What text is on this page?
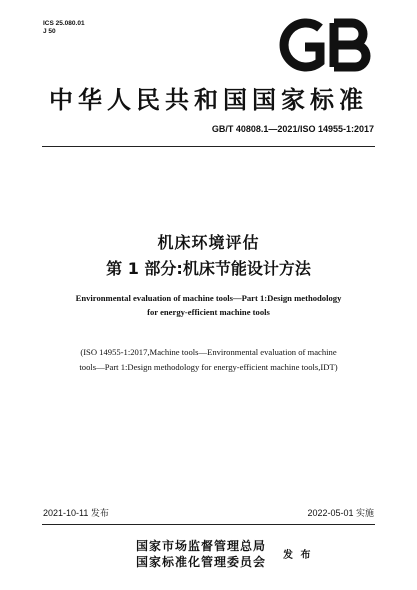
ICS 25.080.01
J 50
中华人民共和国国家标准
GB/T 40808.1—2021/ISO 14955-1:2017
机床环境评估
第 1 部分:机床节能设计方法
Environmental evaluation of machine tools—Part 1:Design methodology
for energy-efficient machine tools
(ISO 14955-1:2017,Machine tools—Environmental evaluation of machine
tools—Part 1:Design methodology for energy-efficient machine tools,IDT)
2021-10-11 发布	2022-05-01 实施
国家市场监督管理总局
国家标准化管理委员会 发 布
